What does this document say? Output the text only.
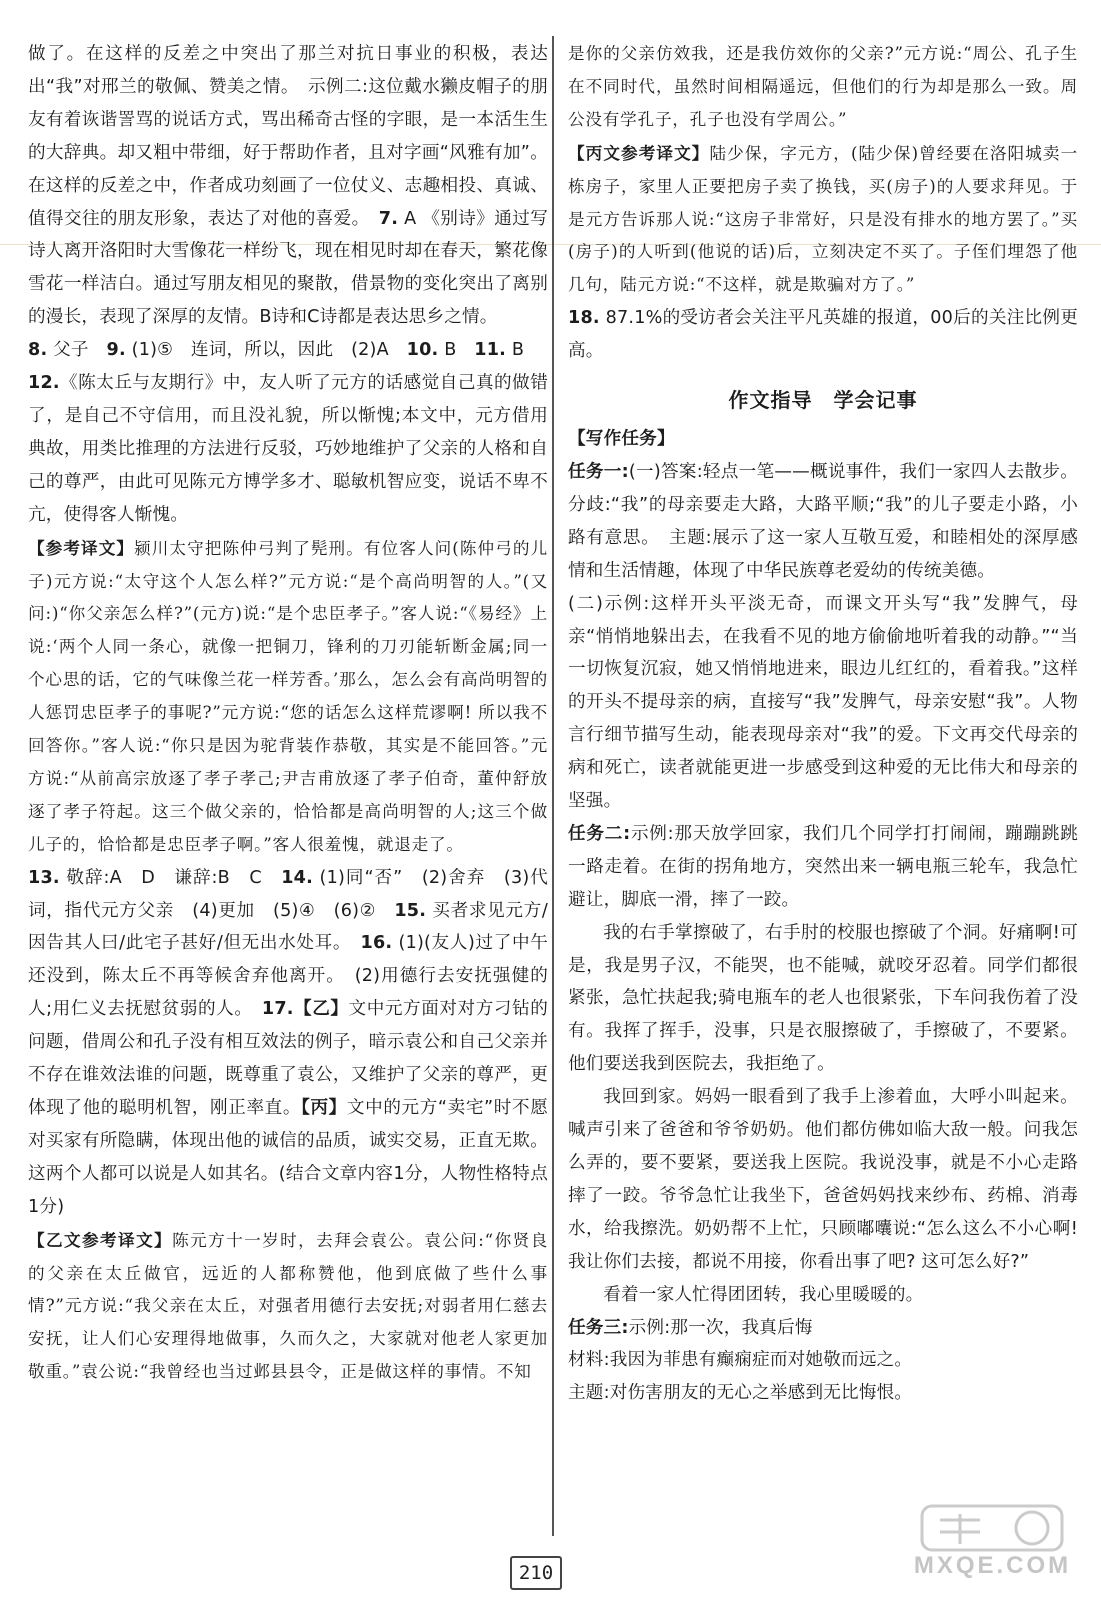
做了。在这样的反差之中突出了那兰对抗日事业的积极，表达出“我”对邢兰的敬佩、赞美之情。　示例二:这位戴水獭皮帽子的朋友有着诙谐詈骂的说话方式，骂出稀奇古怪的字眼，是一本活生生的大辞典。却又粗中带细，好于帮助作者，且对字画“风雅有加”。在这样的反差之中，作者成功刻画了一位仗义、志趣相投、真诚、值得交往的朋友形象，表达了对他的喜爱。　7. A 《别诗》通过写诗人离开洛阳时大雪像花一样纷飞，现在相见时却在春天，繁花像雪花一样洁白。通过写朋友相见的聚散，借景物的变化突出了离别的漫长，表现了深厚的友情。B诗和C诗都是表达思乡之情。

8. 父子　9. (1)⑤　连词，所以，因此　(2)A　10. B　11. B

12.《陈太丘与友期行》中，友人听了元方的话感觉自己真的做错了，是自己不守信用，而且没礼貌，所以惭愧;本文中，元方借用典故，用类比推理的方法进行反驳，巧妙地维护了父亲的人格和自己的尊严，由此可见陈元方博学多才、聪敏机智应变，说话不卑不亢，使得客人惭愧。

【参考译文】颍川太守把陈仲弓判了髡刑。有位客人问(陈仲弓的儿子)元方说:“太守这个人怎么样?”元方说:“是个高尚明智的人。”(又问:)“你父亲怎么样?”(元方)说:“是个忠臣孝子。”客人说:“《易经》上说:‘两个人同一条心，就像一把铜刀，锋利的刀刃能斩断金属;同一个心思的话，它的气味像兰花一样芳香。’那么，怎么会有高尚明智的人惩罚忠臣孝子的事呢?”元方说:“您的话怎么这样荒谬啊! 所以我不回答你。”客人说:“你只是因为驼背装作恭敬，其实是不能回答。”元方说:“从前高宗放逐了孝子孝己;尹吉甫放逐了孝子伯奇，董仲舒放逐了孝子符起。这三个做父亲的，恰恰都是高尚明智的人;这三个做儿子的，恰恰都是忠臣孝子啊。”客人很羞愧，就退走了。

13. 敬辞:A　D　谦辞:B　C　14. (1)同“否”　(2)舍弃　(3)代词，指代元方父亲　(4)更加　(5)④　(6)②　15. 买者求见元方/因告其人曰/此宅子甚好/但无出水处耳。　16. (1)(友人)过了中午还没到，陈太丘不再等候舍弃他离开。　(2)用德行去安抚强健的人;用仁义去抚慰贫弱的人。　17.【乙】文中元方面对对方刁钻的问题，借周公和孔子没有相互效法的例子，暗示袁公和自己父亲并不存在谁效法谁的问题，既尊重了袁公，又维护了父亲的尊严，更体现了他的聪明机智，刚正率直。【丙】文中的元方“卖宅”时不愿对买家有所隐瞒，体现出他的诚信的品质，诚实交易，正直无欺。这两个人都可以说是人如其名。(结合文章内容1分，人物性格特点1分)

【乙文参考译文】陈元方十一岁时，去拜会袁公。袁公问:“你贤良的父亲在太丘做官，远近的人都称赞他，他到底做了些什么事情?”元方说:“我父亲在太丘，对强者用德行去安抚;对弱者用仁慈去安抚，让人们心安理得地做事，久而久之，大家就对他老人家更加敬重。”袁公说:“我曾经也当过邺县县令，正是做这样的事情。不知

是你的父亲仿效我，还是我仿效你的父亲?”元方说:“周公、孔子生在不同时代，虽然时间相隔遥远，但他们的行为却是那么一致。周公没有学孔子，孔子也没有学周公。”

【丙文参考译文】陆少保，字元方，(陆少保)曾经要在洛阳城卖一栋房子，家里人正要把房子卖了换钱，买(房子)的人要求拜见。于是元方告诉那人说:“这房子非常好，只是没有排水的地方罢了。”买(房子)的人听到(他说的话)后，立刻决定不买了。子侄们埋怨了他几句，陆元方说:“不这样，就是欺骗对方了。”

18. 87.1%的受访者会关注平凡英雄的报道，00后的关注比例更高。

作文指导　学会记事

【写作任务】

任务一:(一)答案:轻点一笔——概说事件，我们一家四人去散步。分歧:“我”的母亲要走大路，大路平顺;“我”的儿子要走小路，小路有意思。　主题:展示了这一家人互敬互爱，和睦相处的深厚感情和生活情趣，体现了中华民族尊老爱幼的传统美德。

(二)示例:这样开头平淡无奇，而课文开头写“我”发脾气，母亲“悄悄地躲出去，在我看不见的地方偷偷地听着我的动静。”“当一切恢复沉寂，她又悄悄地进来，眼边儿红红的，看着我。”这样的开头不提母亲的病，直接写“我”发脾气，母亲安慰“我”。人物言行细节描写生动，能表现母亲对“我”的爱。下文再交代母亲的病和死亡，读者就能更进一步感受到这种爱的无比伟大和母亲的坚强。

任务二:示例:那天放学回家，我们几个同学打打闹闹，蹦蹦跳跳一路走着。在街的拐角地方，突然出来一辆电瓶三轮车，我急忙避让，脚底一滑，摔了一跤。

我的右手掌擦破了，右手肘的校服也擦破了个洞。好痛啊!可是，我是男子汉，不能哭，也不能喊，就咬牙忍着。同学们都很紧张，急忙扶起我;骑电瓶车的老人也很紧张，下车问我伤着了没有。我挥了挥手，没事，只是衣服擦破了，手擦破了，不要紧。他们要送我到医院去，我拒绝了。

我回到家。妈妈一眼看到了我手上渗着血，大呼小叫起来。喊声引来了爸爸和爷爷奶奶。他们都仿佛如临大敌一般。问我怎么弄的，要不要紧，要送我上医院。我说没事，就是不小心走路摔了一跤。爷爷急忙让我坐下，爸爸妈妈找来纱布、药棉、消毒水，给我擦洗。奶奶帮不上忙，只顾嘟囔说:“怎么这么不小心啊! 我让你们去接，都说不用接，你看出事了吧? 这可怎么好?”

看着一家人忙得团团转，我心里暖暖的。

任务三:示例:那一次，我真后悔

材料:我因为菲患有癫痫症而对她敬而远之。

主题:对伤害朋友的无心之举感到无比悔恨。

210	MXQE.COM
